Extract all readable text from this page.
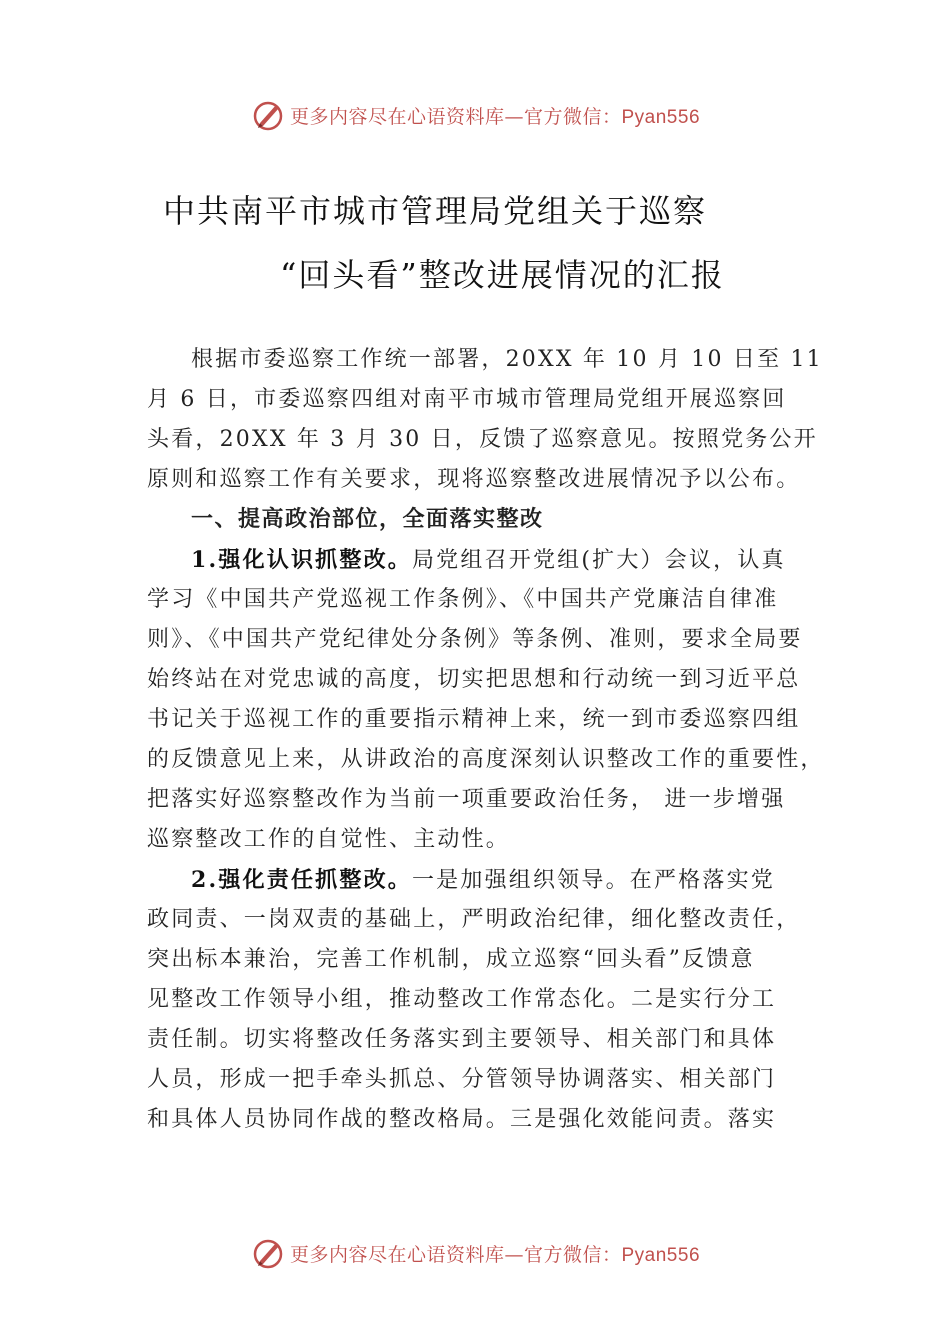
更多内容尽在心语资料库—官方微信：Pyan556
中共南平市城市管理局党组关于巡察
“回头看”整改进展情况的汇报
根据市委巡察工作统一部署，20XX 年 10 月 10 日至 11
月 6 日，市委巡察四组对南平市城市管理局党组开展巡察回
头看，20XX 年 3 月 30 日，反馈了巡察意见。按照党务公开
原则和巡察工作有关要求，现将巡察整改进展情况予以公布。
一、提高政治部位，全面落实整改
1.强化认识抓整改。局党组召开党组(扩大）会议，认真
学习《中国共产党巡视工作条例》、《中国共产党廉洁自律准
则》、《中国共产党纪律处分条例》等条例、准则，要求全局要
始终站在对党忠诚的高度，切实把思想和行动统一到习近平总
书记关于巡视工作的重要指示精神上来，统一到市委巡察四组
的反馈意见上来，从讲政治的高度深刻认识整改工作的重要性，
把落实好巡察整改作为当前一项重要政治任务， 进一步增强
巡察整改工作的自觉性、主动性。
2.强化责任抓整改。一是加强组织领导。在严格落实党
政同责、一岗双责的基础上，严明政治纪律，细化整改责任，
突出标本兼治，完善工作机制，成立巡察“回头看”反馈意
见整改工作领导小组，推动整改工作常态化。二是实行分工
责任制。切实将整改任务落实到主要领导、相关部门和具体
人员，形成一把手牵头抓总、分管领导协调落实、相关部门
和具体人员协同作战的整改格局。三是强化效能问责。落实
更多内容尽在心语资料库—官方微信：Pyan556
